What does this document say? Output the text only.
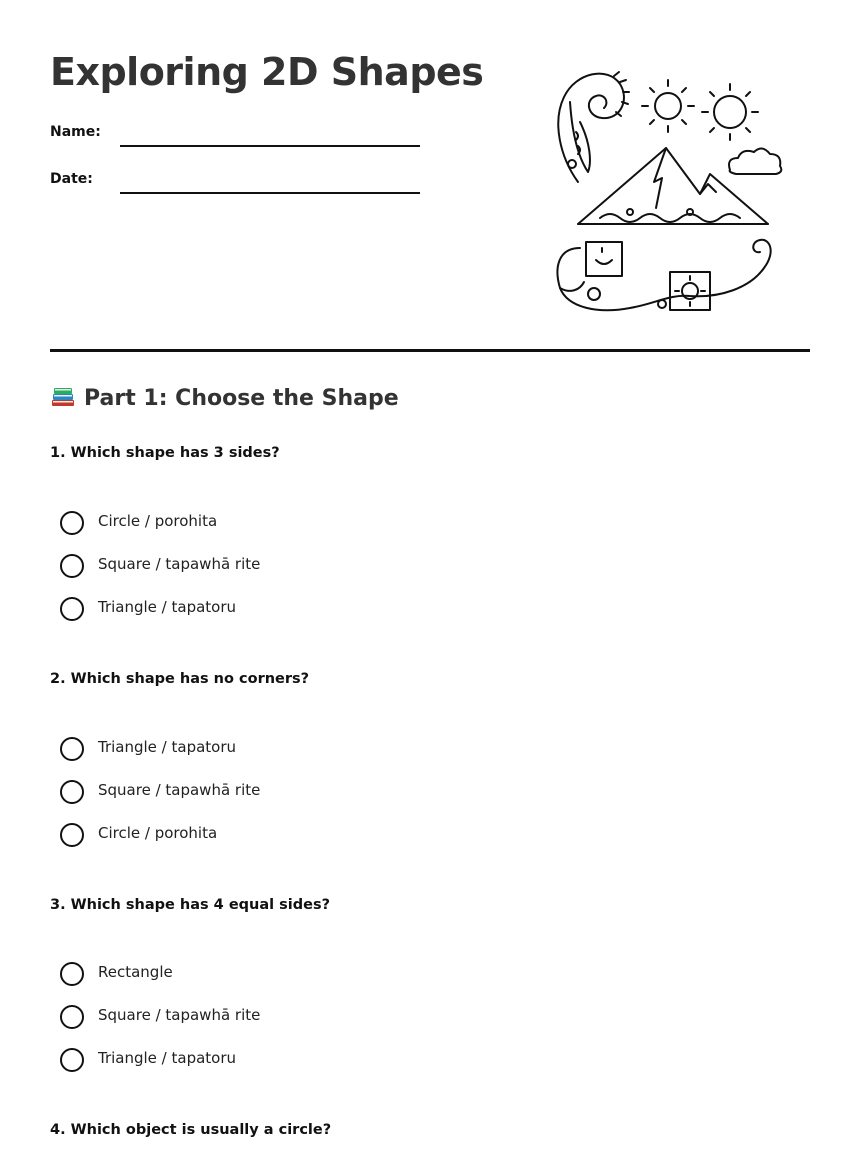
Exploring 2D Shapes
Name:
Date:
Part 1: Choose the Shape

1. Which shape has 3 sides?

Circle / porohita
Square / tapawhā rite
Triangle / tapatoru

2. Which shape has no corners?

Triangle / tapatoru
Square / tapawhā rite
Circle / porohita

3. Which shape has 4 equal sides?

Rectangle
Square / tapawhā rite
Triangle / tapatoru

4. Which object is usually a circle?
